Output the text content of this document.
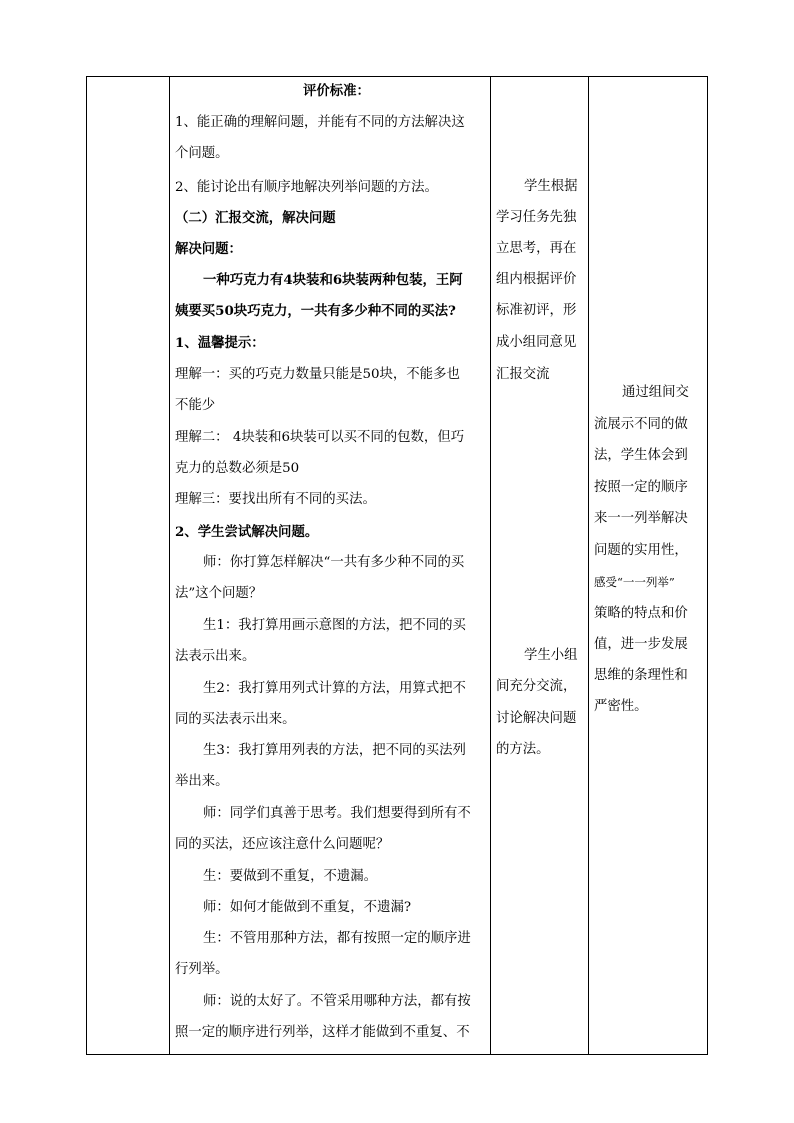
评价标准：
1、能正确的理解问题，并能有不同的方法解决这
个问题。
2、能讨论出有顺序地解决列举问题的方法。
（二）汇报交流，解决问题
解决问题：
一种巧克力有4块装和6块装两种包装，王阿
姨要买50块巧克力，一共有多少种不同的买法?
1、温馨提示：
理解一：买的巧克力数量只能是50块，不能多也
不能少
理解二： 4块装和6块装可以买不同的包数，但巧
克力的总数必须是50
理解三：要找出所有不同的买法。
2、学生尝试解决问题。
师：你打算怎样解决“一共有多少种不同的买
法”这个问题？
生1：我打算用画示意图的方法，把不同的买
法表示出来。
生2：我打算用列式计算的方法，用算式把不
同的买法表示出来。
生3：我打算用列表的方法，把不同的买法列
举出来。
师：同学们真善于思考。我们想要得到所有不
同的买法，还应该注意什么问题呢？
生：要做到不重复，不遗漏。
师：如何才能做到不重复，不遗漏?
生：不管用那种方法，都有按照一定的顺序进
行列举。
师：说的太好了。不管采用哪种方法，都有按
照一定的顺序进行列举，这样才能做到不重复、不
学生根据
学习任务先独
立思考，再在
组内根据评价
标准初评，形
成小组同意见
汇报交流
学生小组
间充分交流，
讨论解决问题
的方法。
通过组间交
流展示不同的做
法，学生体会到
按照一定的顺序
来一一列举解决
问题的实用性，
感受“一一列举”
策略的特点和价
值，进一步发展
思维的条理性和
严密性。
